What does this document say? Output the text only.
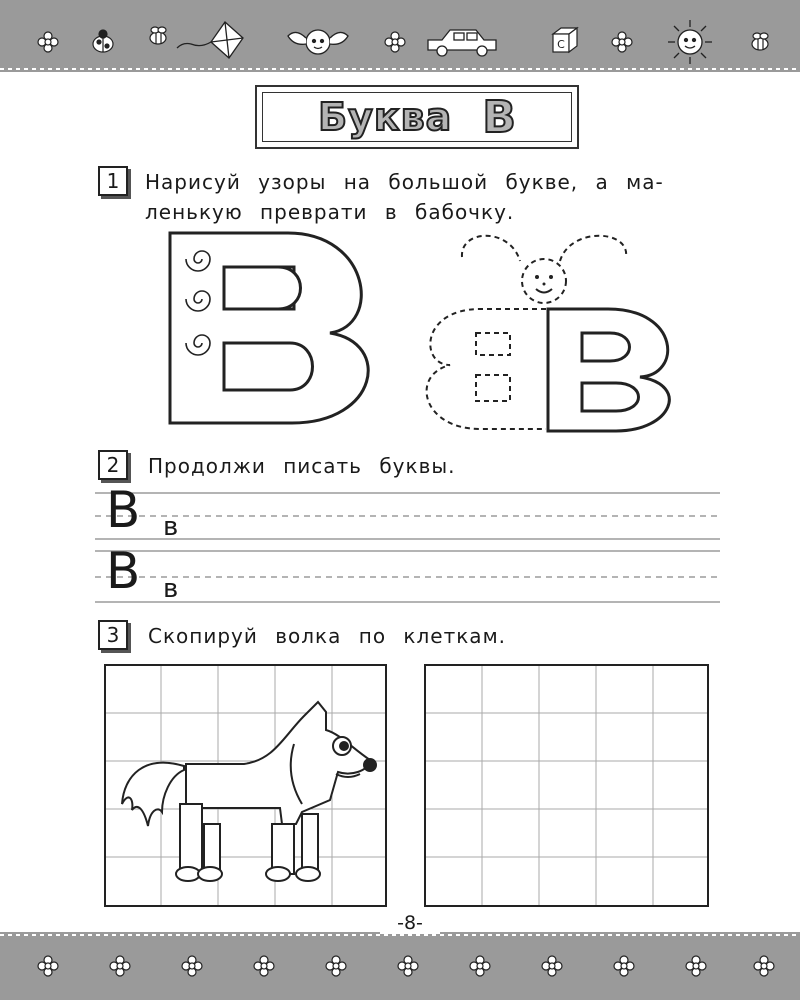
С
Буква В
1	Нарисуй узоры на большой букве, а ма-
ленькую преврати в бабочку.
2	Продолжи писать буквы.
В в
В в
3	Скопируй волка по клеткам.
-8-
